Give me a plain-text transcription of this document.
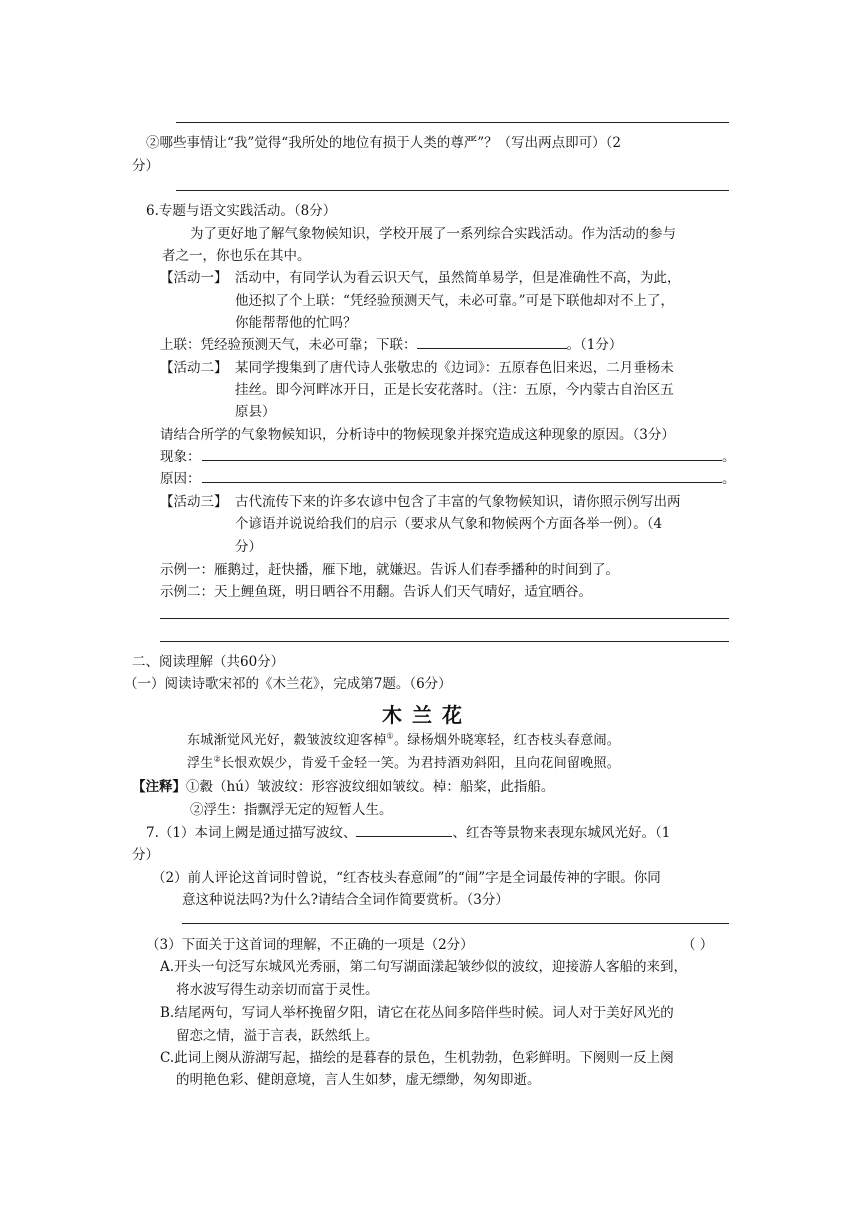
②哪些事情让“我”觉得“我所处的地位有损于人类的尊严”？（写出两点即可）（2
分）
6.专题与语文实践活动。（8分）
为了更好地了解气象物候知识，学校开展了一系列综合实践活动。作为活动的参与
者之一，你也乐在其中。
【活动一】 活动中，有同学认为看云识天气，虽然简单易学，但是准确性不高，为此，
他还拟了个上联：“凭经验预测天气，未必可靠。”可是下联他却对不上了，
你能帮帮他的忙吗？
上联：凭经验预测天气，未必可靠；下联：	。（1分）
【活动二】 某同学搜集到了唐代诗人张敬忠的《边词》：五原春色旧来迟，二月垂杨未
挂丝。即今河畔冰开日，正是长安花落时。（注：五原，今内蒙古自治区五
原县）
请结合所学的气象物候知识，分析诗中的物候现象并探究造成这种现象的原因。（3分）
现象：	。
原因：	。
【活动三】 古代流传下来的许多农谚中包含了丰富的气象物候知识，请你照示例写出两
个谚语并说说给我们的启示（要求从气象和物候两个方面各举一例）。（4
分）
示例一：雁鹅过，赶快播，雁下地，就嫌迟。告诉人们春季播种的时间到了。
示例二：天上鲤鱼斑，明日晒谷不用翻。告诉人们天气晴好，适宜晒谷。
二、阅读理解（共60分）
（一）阅读诗歌宋祁的《木兰花》，完成第7题。（6分）
木兰花
东城渐觉风光好，縠皱波纹迎客棹①。绿杨烟外晓寒轻，红杏枝头春意闹。
浮生②长恨欢娱少，肯爱千金轻一笑。为君持酒劝斜阳，且向花间留晚照。
【注释】①縠（hú）皱波纹：形容波纹细如皱纹。棹：船桨，此指船。
②浮生：指飘浮无定的短暂人生。
7.（1）本词上阙是通过描写波纹、	、红杏等景物来表现东城风光好。（1
分）
（2）前人评论这首词时曾说，“红杏枝头春意闹”的“闹”字是全词最传神的字眼。你同
意这种说法吗?为什么?请结合全词作简要赏析。（3分）
（3）下面关于这首词的理解，不正确的一项是（2分）	（ ）
A.开头一句泛写东城风光秀丽，第二句写湖面漾起皱纱似的波纹，迎接游人客船的来到，
将水波写得生动亲切而富于灵性。
B.结尾两句，写词人举杯挽留夕阳，请它在花丛间多陪伴些时候。词人对于美好风光的
留恋之情，溢于言表，跃然纸上。
C.此词上阕从游湖写起，描绘的是暮春的景色，生机勃勃，色彩鲜明。下阕则一反上阕
的明艳色彩、健朗意境，言人生如梦，虚无缥缈，匆匆即逝。
